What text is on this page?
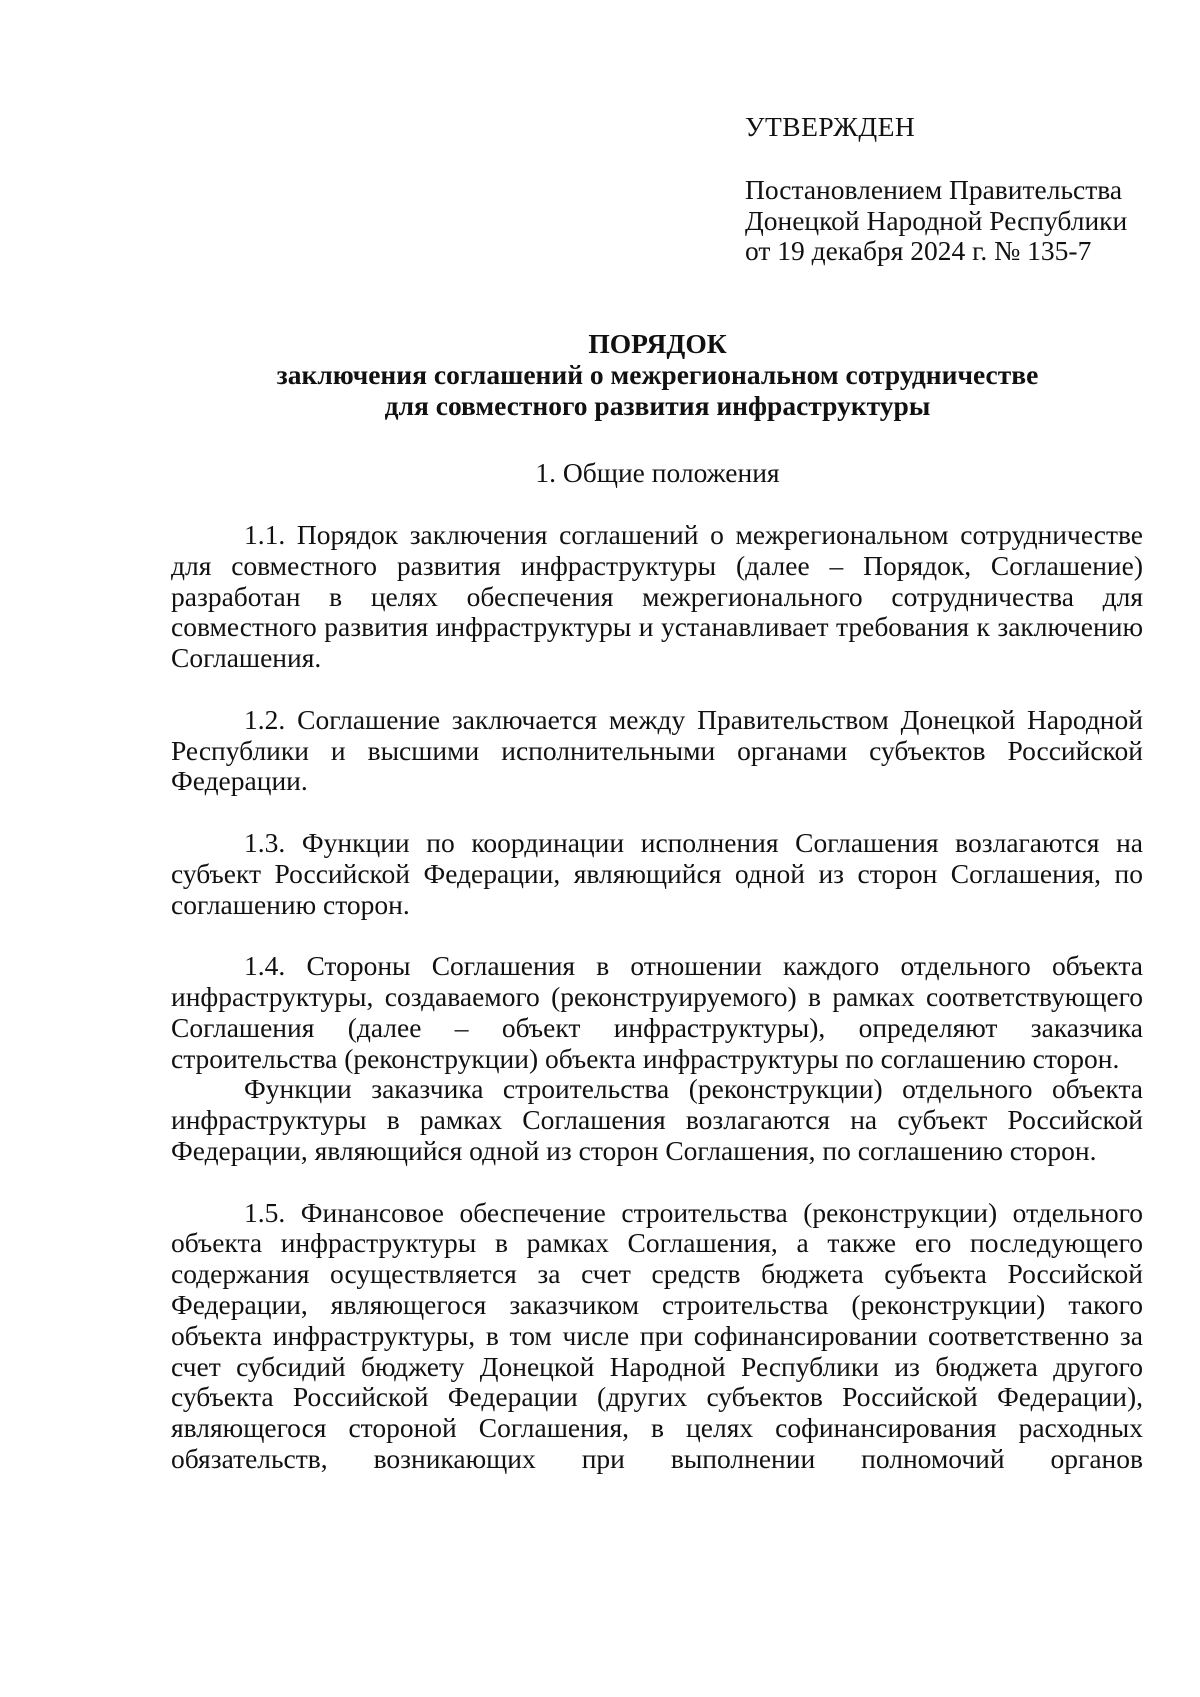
УТВЕРЖДЕН
Постановлением Правительства
Донецкой Народной Республики
от 19 декабря 2024 г. № 135-7
ПОРЯДОК
заключения соглашений о межрегиональном сотрудничестве
для совместного развития инфраструктуры
1. Общие положения

1.1. Порядок заключения соглашений о межрегиональном сотрудничестве для совместного развития инфраструктуры (далее – Порядок, Соглашение) разработан в целях обеспечения межрегионального сотрудничества для совместного развития инфраструктуры и устанавливает требования к заключению Соглашения.

1.2. Соглашение заключается между Правительством Донецкой Народной Республики и высшими исполнительными органами субъектов Российской Федерации.

1.3. Функции по координации исполнения Соглашения возлагаются на субъект Российской Федерации, являющийся одной из сторон Соглашения, по соглашению сторон.

1.4. Стороны Соглашения в отношении каждого отдельного объекта инфраструктуры, создаваемого (реконструируемого) в рамках соответствующего Соглашения (далее – объект инфраструктуры), определяют заказчика строительства (реконструкции) объекта инфраструктуры по соглашению сторон.

Функции заказчика строительства (реконструкции) отдельного объекта инфраструктуры в рамках Соглашения возлагаются на субъект Российской Федерации, являющийся одной из сторон Соглашения, по соглашению сторон.

1.5. Финансовое обеспечение строительства (реконструкции) отдельного объекта инфраструктуры в рамках Соглашения, а также его последующего содержания осуществляется за счет средств бюджета субъекта Российской Федерации, являющегося заказчиком строительства (реконструкции) такого объекта инфраструктуры, в том числе при софинансировании соответственно за счет субсидий бюджету Донецкой Народной Республики из бюджета другого субъекта Российской Федерации (других субъектов Российской Федерации), являющегося стороной Соглашения, в целях софинансирования расходных обязательств, возникающих при выполнении полномочий органов
